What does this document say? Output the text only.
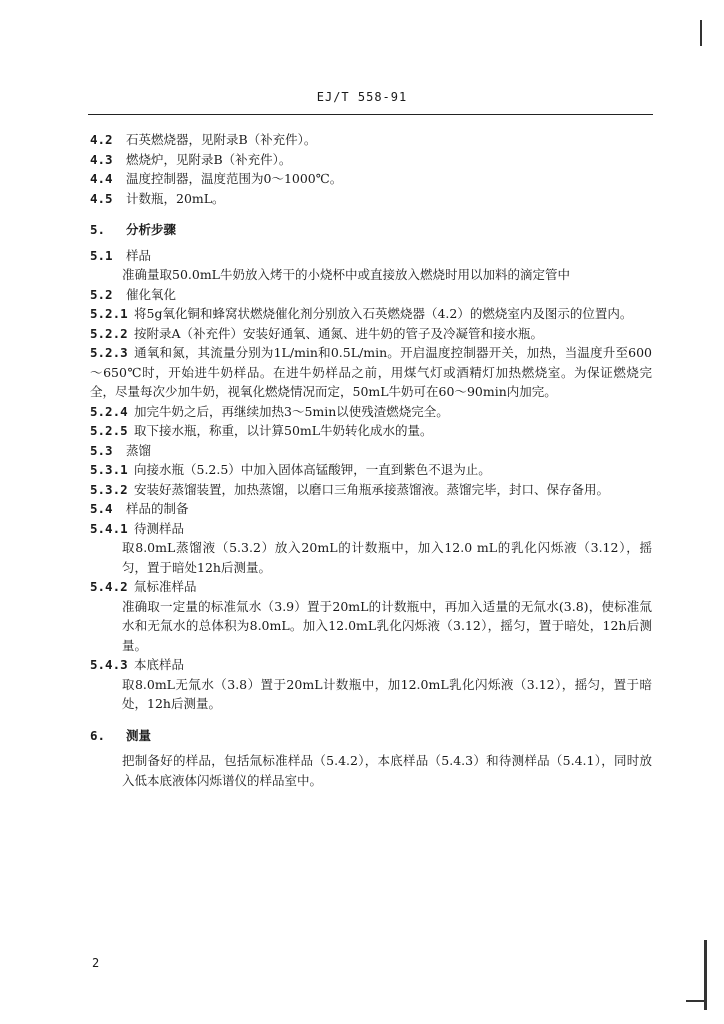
EJ/T 558-91
4.2 石英燃烧器，见附录B（补充件）。
4.3 燃烧炉，见附录B（补充件）。
4.4 温度控制器，温度范围为0～1000℃。
4.5 计数瓶，20mL。
5. 分析步骤
5.1 样品
准确量取50.0mL牛奶放入烤干的小烧杯中或直接放入燃烧时用以加料的滴定管中
5.2 催化氧化
5.2.1 将5g氧化铜和蜂窝状燃烧催化剂分别放入石英燃烧器（4.2）的燃烧室内及图示的位置内。
5.2.2 按附录A（补充件）安装好通氧、通氮、进牛奶的管子及冷凝管和接水瓶。
5.2.3 通氧和氮，其流量分别为1L/min和0.5L/min。开启温度控制器开关，加热，当温度升至600～650℃时，开始进牛奶样品。在进牛奶样品之前，用煤气灯或酒精灯加热燃烧室。为保证燃烧完全，尽量每次少加牛奶，视氧化燃烧情况而定，50mL牛奶可在60～90min内加完。
5.2.4 加完牛奶之后，再继续加热3～5min以使残渣燃烧完全。
5.2.5 取下接水瓶，称重，以计算50mL牛奶转化成水的量。
5.3 蒸馏
5.3.1 向接水瓶（5.2.5）中加入固体高锰酸钾，一直到紫色不退为止。
5.3.2 安装好蒸馏装置，加热蒸馏，以磨口三角瓶承接蒸馏液。蒸馏完毕，封口、保存备用。
5.4 样品的制备
5.4.1 待测样品
取8.0mL蒸馏液（5.3.2）放入20mL的计数瓶中，加入12.0 mL的乳化闪烁液（3.12），摇匀，置于暗处12h后测量。
5.4.2 氚标准样品
准确取一定量的标准氚水（3.9）置于20mL的计数瓶中，再加入适量的无氚水(3.8)，使标准氚水和无氚水的总体积为8.0mL。加入12.0mL乳化闪烁液（3.12），摇匀，置于暗处，12h后测量。
5.4.3 本底样品
取8.0mL无氚水（3.8）置于20mL计数瓶中，加12.0mL乳化闪烁液（3.12），摇匀，置于暗处，12h后测量。
6. 测量
把制备好的样品，包括氚标准样品（5.4.2），本底样品（5.4.3）和待测样品（5.4.1），同时放入低本底液体闪烁谱仪的样品室中。
2
